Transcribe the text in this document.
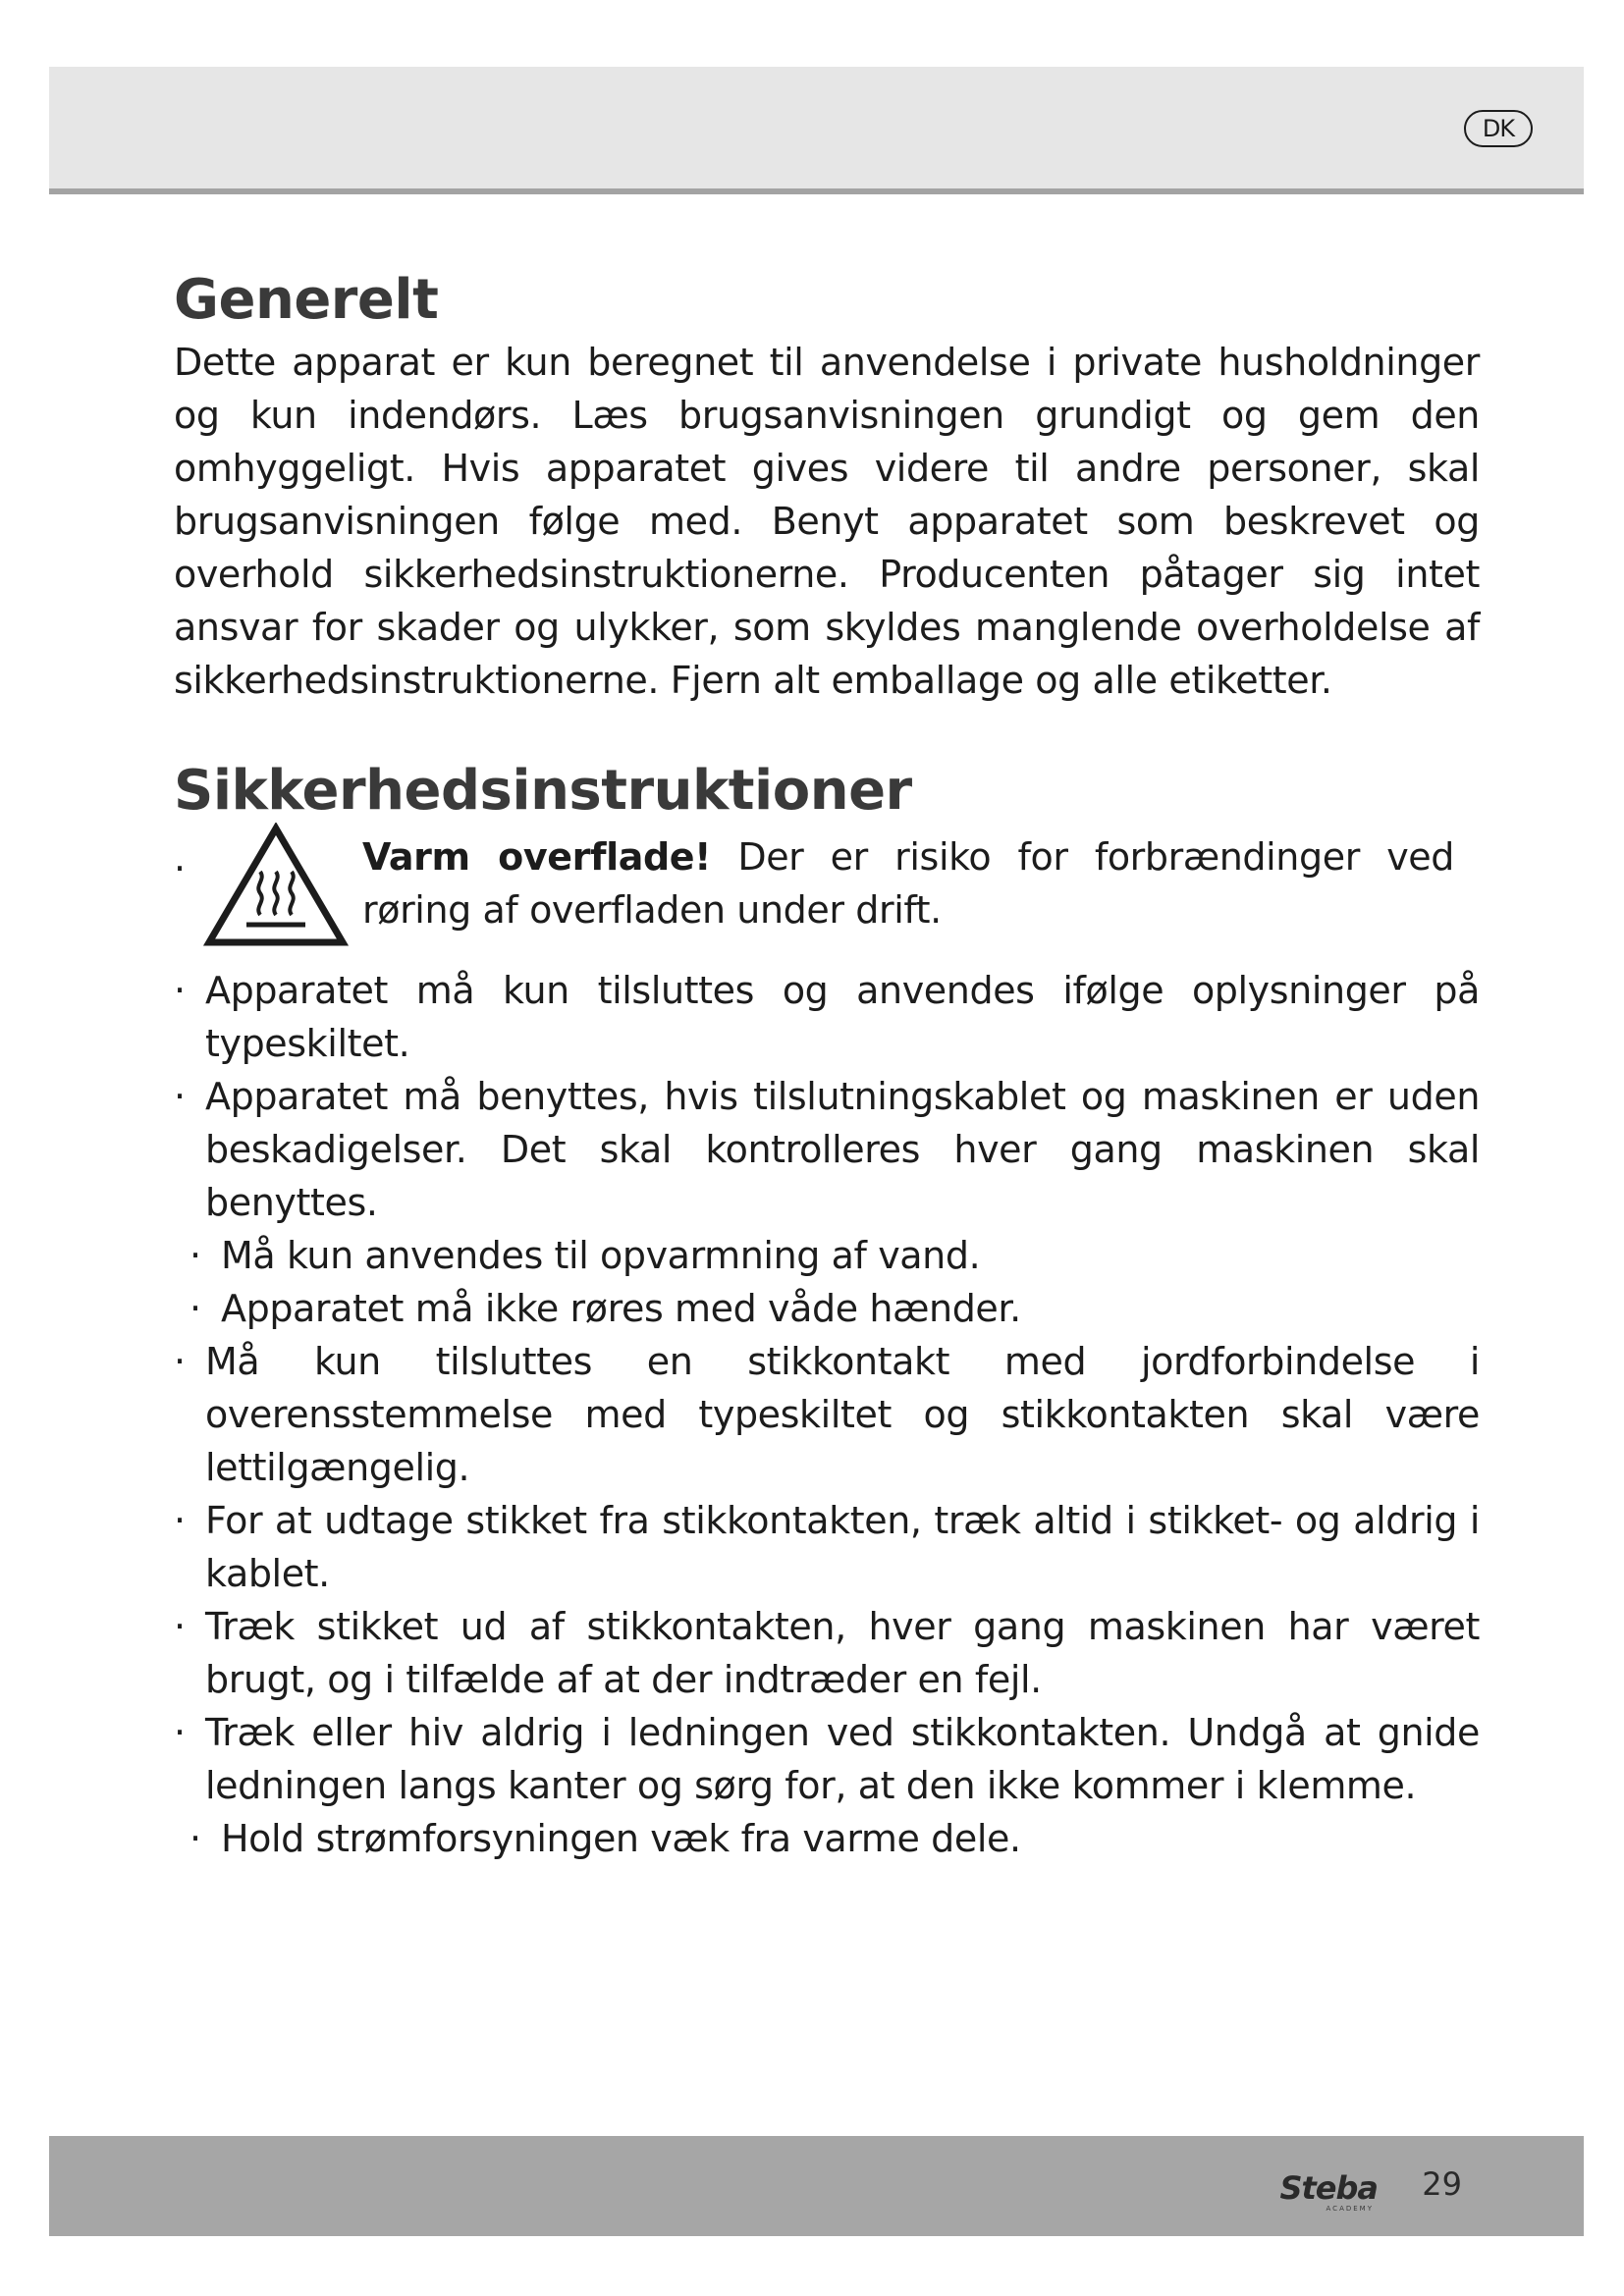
DK
Generelt

Dette apparat er kun beregnet til anvendelse i private husholdninger og kun indendørs. Læs brugsanvisningen grundigt og gem den omhyggeligt. Hvis apparatet gives videre til andre personer, skal brugsanvisningen følge med. Benyt apparatet som beskrevet og overhold sikkerhedsinstruktionerne. Producenten påtager sig intet ansvar for skader og ulykker, som skyldes manglende overholdelse af sikkerhedsinstruktionerne. Fjern alt emballage og alle etiketter.

Sikkerhedsinstruktioner
·	Varm overflade! Der er risiko for forbrændinger ved røring af overfladen under drift.
· Apparatet må kun tilsluttes og anvendes ifølge oplysninger på typeskiltet.
· Apparatet må benyttes, hvis tilslutningskablet og maskinen er uden beskadigelser. Det skal kontrolleres hver gang maskinen skal benyttes.
· Må kun anvendes til opvarmning af vand.
· Apparatet må ikke røres med våde hænder.
· Må kun tilsluttes en stikkontakt med jordforbindelse i overensstemmelse med typeskiltet og stikkontakten skal være lettilgængelig.
· For at udtage stikket fra stikkontakten, træk altid i stikket- og aldrig i kablet.
· Træk stikket ud af stikkontakten, hver gang maskinen har været brugt, og i tilfælde af at der indtræder en fejl.
· Træk eller hiv aldrig i ledningen ved stikkontakten. Undgå at gnide ledningen langs kanter og sørg for, at den ikke kommer i klemme.
· Hold strømforsyningen væk fra varme dele.
Steba
ACADEMY
29
